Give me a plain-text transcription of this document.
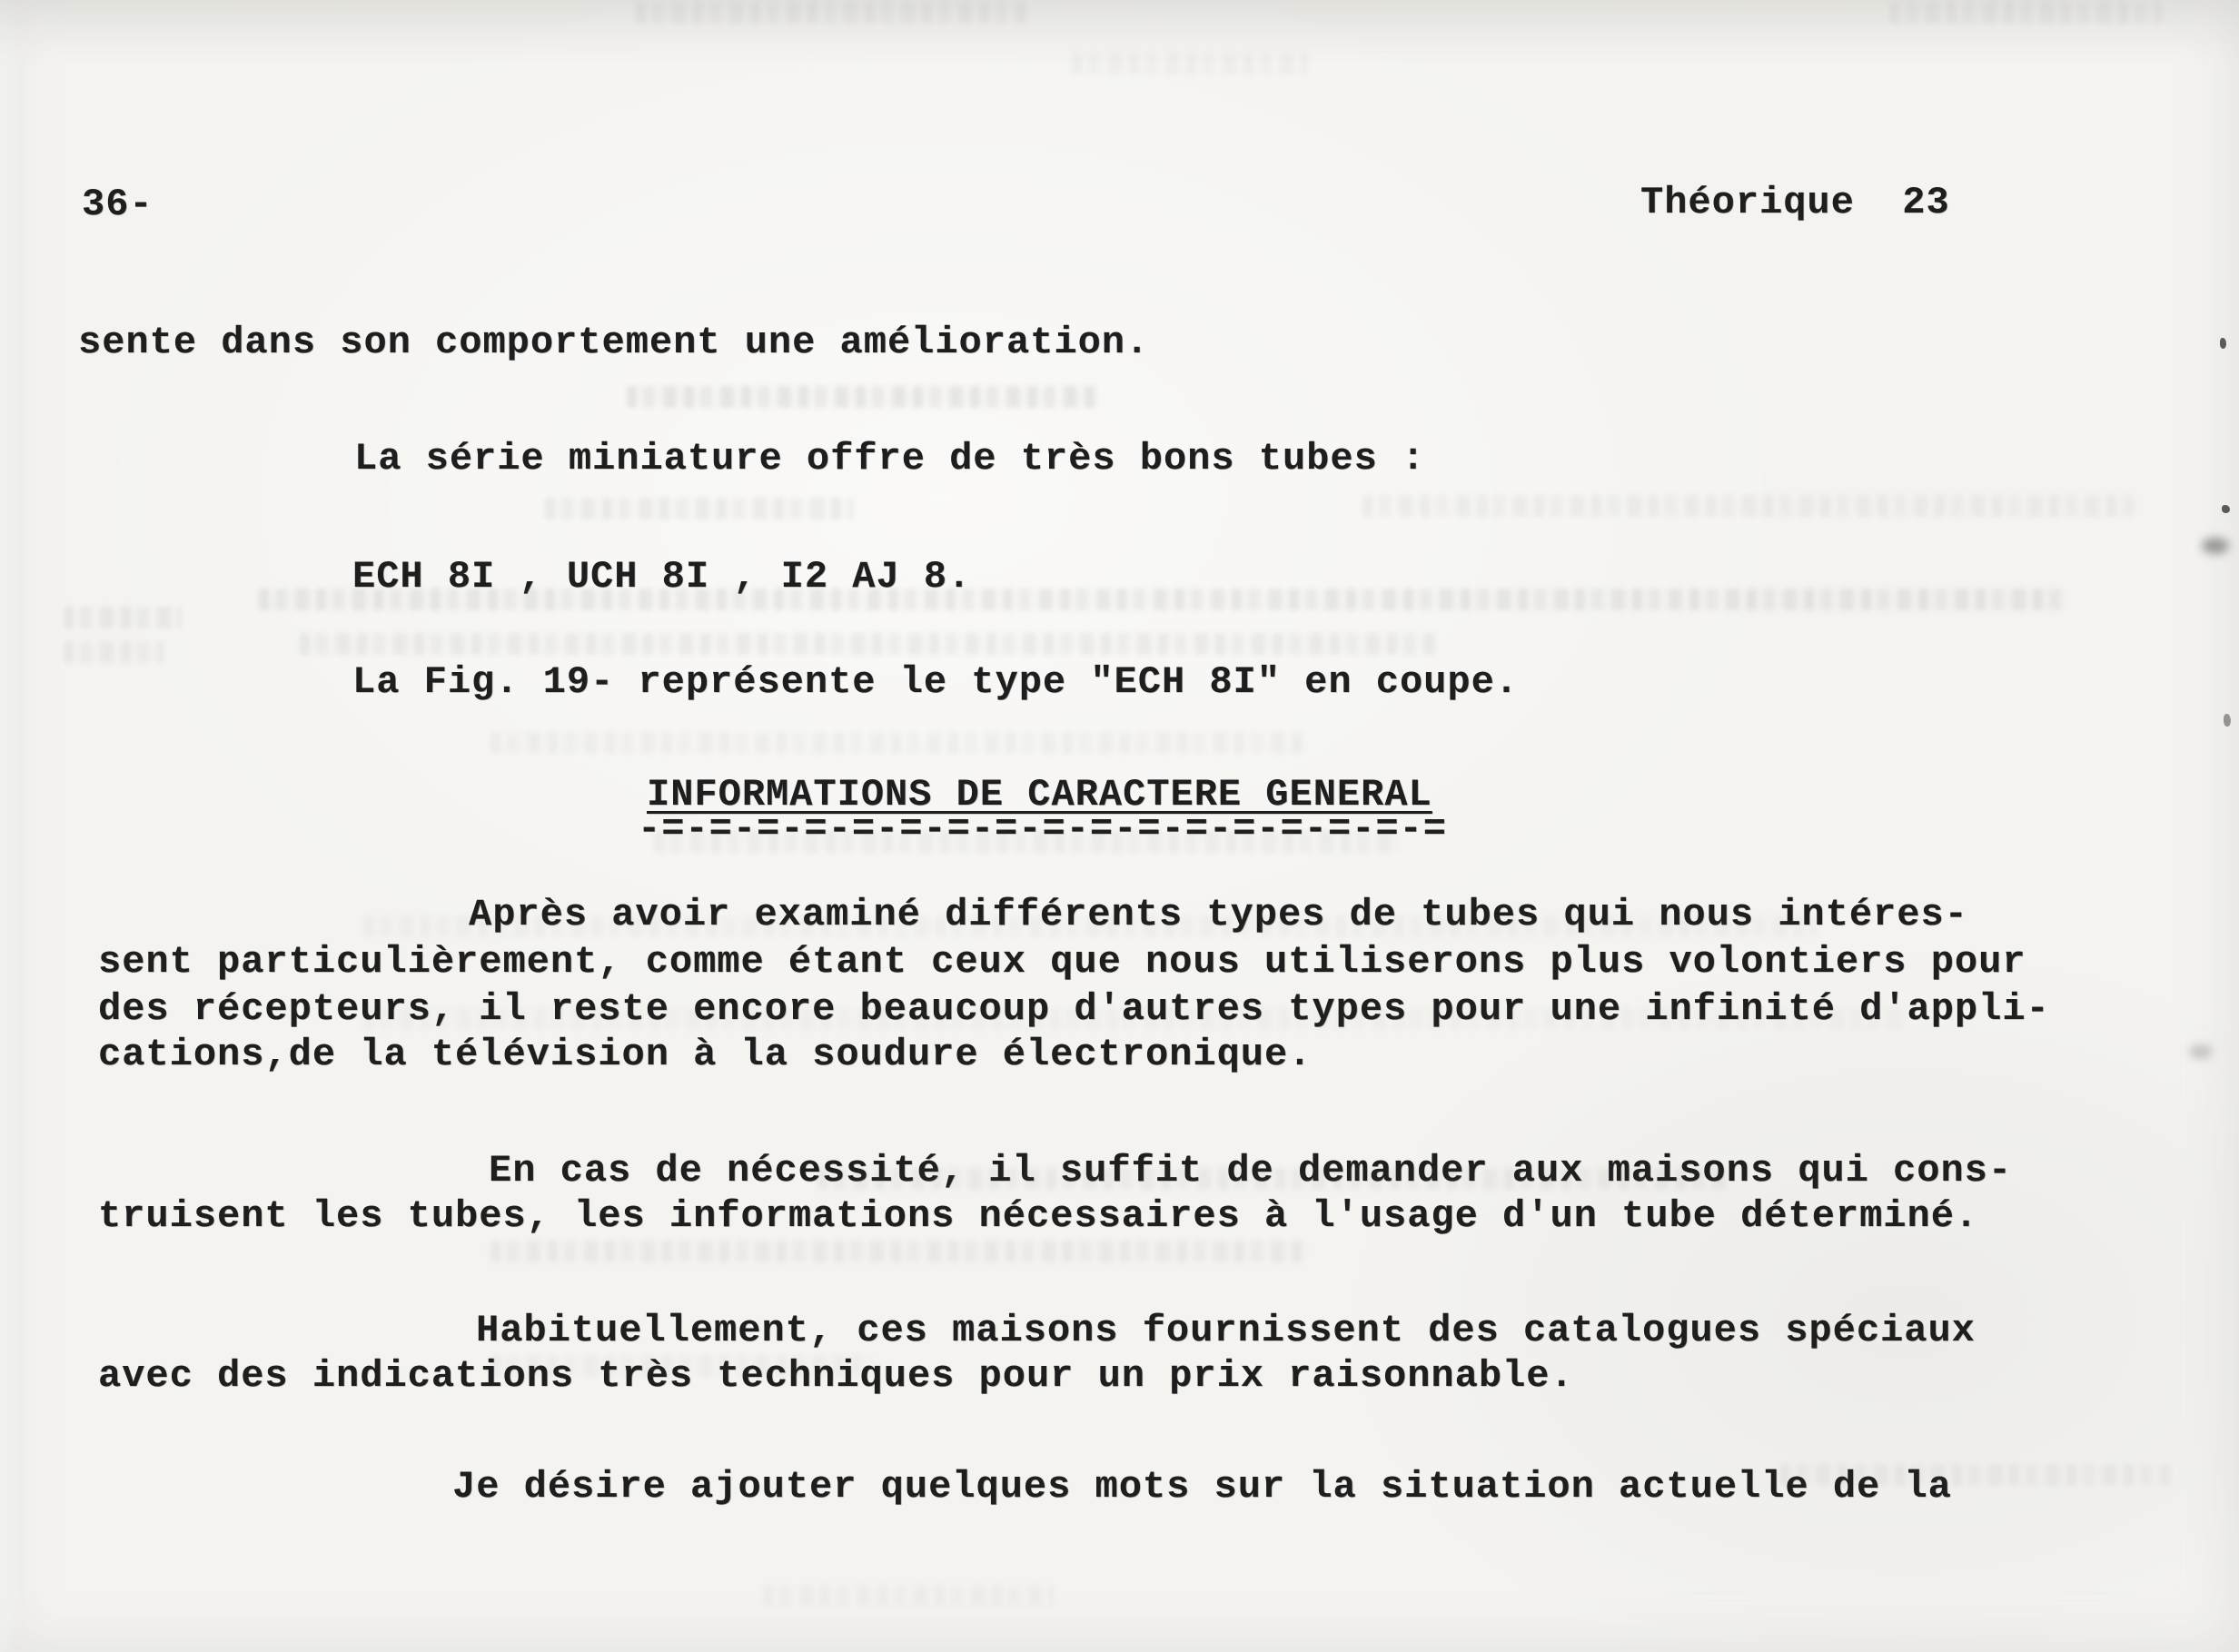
36-	Théorique  23
sente dans son comportement une amélioration.
La série miniature offre de très bons tubes :
ECH 8I , UCH 8I , I2 AJ 8.
La Fig. 19- représente le type "ECH 8I" en coupe.
INFORMATIONS DE CARACTERE GENERAL
-=-=-=-=-=-=-=-=-=-=-=-=-=-=-=-=-=
Après avoir examiné différents types de tubes qui nous intéres-
sent particulièrement, comme étant ceux que nous utiliserons plus volontiers pour
des récepteurs, il reste encore beaucoup d'autres types pour une infinité d'appli-
cations,de la télévision à la soudure électronique.
En cas de nécessité, il suffit de demander aux maisons qui cons-
truisent les tubes, les informations nécessaires à l'usage d'un tube déterminé.
Habituellement, ces maisons fournissent des catalogues spéciaux
avec des indications très techniques pour un prix raisonnable.
Je désire ajouter quelques mots sur la situation actuelle de la
